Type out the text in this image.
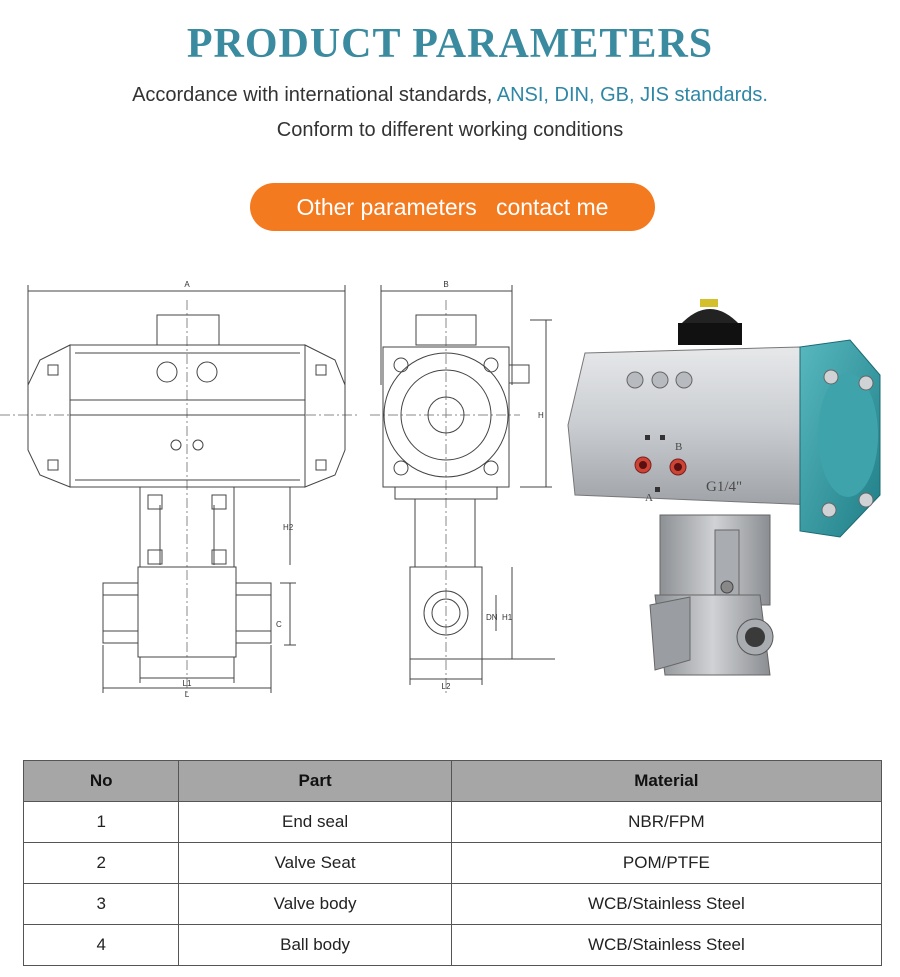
PRODUCT PARAMETERS
Accordance with international standards, ANSI, DIN, GB, JIS standards.
Conform to different working conditions
Other parameters   contact me
A
H2
C
L1
L
B
H
H1
DN
L2
B
A
G1/4"
No	Part	Material
1	End seal	NBR/FPM
2	Valve Seat	POM/PTFE
3	Valve body	WCB/Stainless Steel
4	Ball body	WCB/Stainless Steel
